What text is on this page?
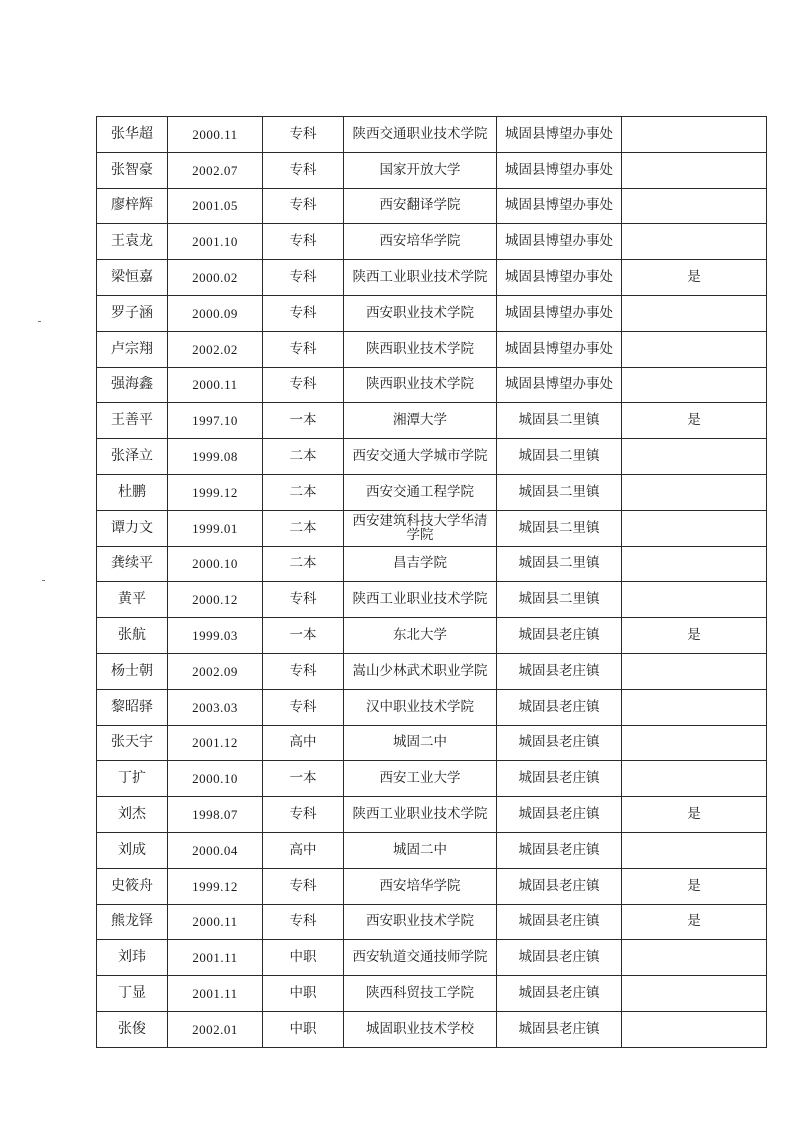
张华超	2000.11	专科	陕西交通职业技术学院	城固县博望办事处	
张智豪	2002.07	专科	国家开放大学	城固县博望办事处	
廖梓辉	2001.05	专科	西安翻译学院	城固县博望办事处	
王袁龙	2001.10	专科	西安培华学院	城固县博望办事处	
梁恒嘉	2000.02	专科	陕西工业职业技术学院	城固县博望办事处	是
罗子涵	2000.09	专科	西安职业技术学院	城固县博望办事处	
卢宗翔	2002.02	专科	陕西职业技术学院	城固县博望办事处	
强海鑫	2000.11	专科	陕西职业技术学院	城固县博望办事处	
王善平	1997.10	一本	湘潭大学	城固县二里镇	是
张泽立	1999.08	二本	西安交通大学城市学院	城固县二里镇	
杜鹏	1999.12	二本	西安交通工程学院	城固县二里镇	
谭力文	1999.01	二本	西安建筑科技大学华清学院	城固县二里镇	
龚续平	2000.10	二本	昌吉学院	城固县二里镇	
黄平	2000.12	专科	陕西工业职业技术学院	城固县二里镇	
张航	1999.03	一本	东北大学	城固县老庄镇	是
杨士朝	2002.09	专科	嵩山少林武术职业学院	城固县老庄镇	
黎昭驿	2003.03	专科	汉中职业技术学院	城固县老庄镇	
张天宇	2001.12	高中	城固二中	城固县老庄镇	
丁扩	2000.10	一本	西安工业大学	城固县老庄镇	
刘杰	1998.07	专科	陕西工业职业技术学院	城固县老庄镇	是
刘成	2000.04	高中	城固二中	城固县老庄镇	
史筱舟	1999.12	专科	西安培华学院	城固县老庄镇	是
熊龙铎	2000.11	专科	西安职业技术学院	城固县老庄镇	是
刘玮	2001.11	中职	西安轨道交通技师学院	城固县老庄镇	
丁显	2001.11	中职	陕西科贸技工学院	城固县老庄镇	
张俊	2002.01	中职	城固职业技术学校	城固县老庄镇	
